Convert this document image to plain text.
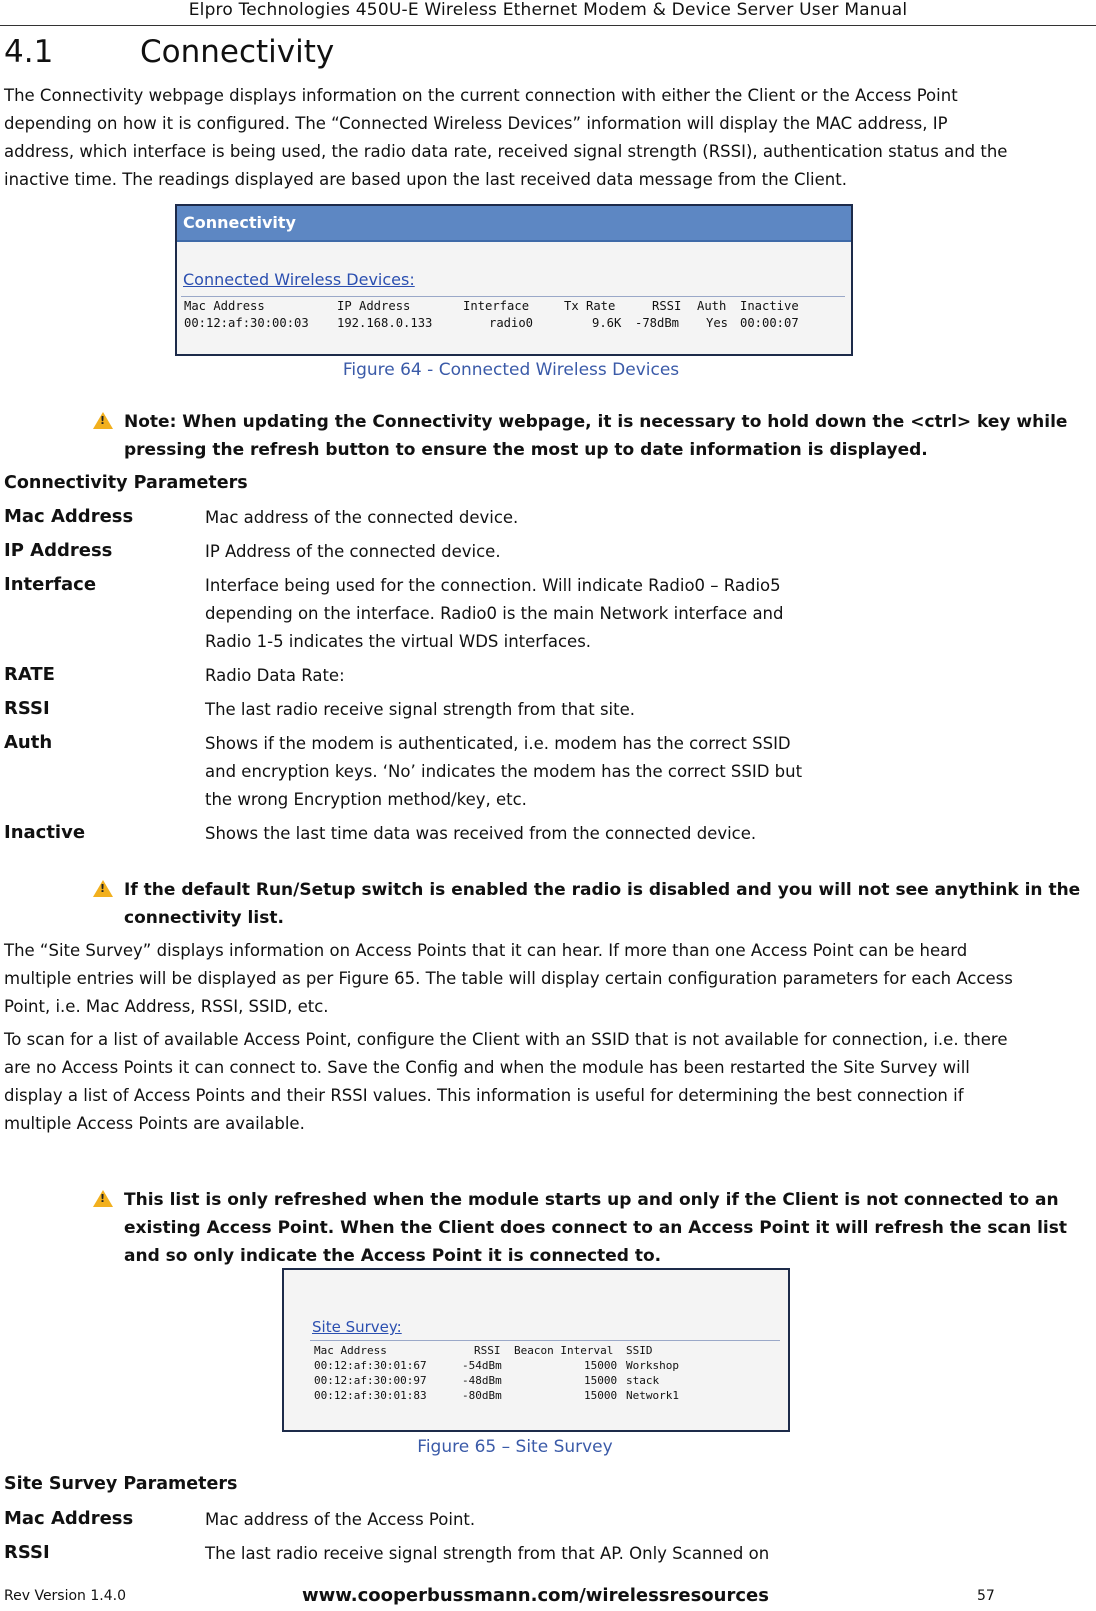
Elpro Technologies 450U-E Wireless Ethernet Modem & Device Server User Manual
4.1	Connectivity
The Connectivity webpage displays information on the current connection with either the Client or the Access Point
depending on how it is configured. The “Connected Wireless Devices” information will display the MAC address, IP
address, which interface is being used, the radio data rate, received signal strength (RSSI), authentication status and the
inactive time. The readings displayed are based upon the last received data message from the Client.
Connectivity
Connected Wireless Devices:
Mac Address	IP Address	Interface	Tx Rate	RSSI Auth Inactive
00:12:af:30:00:03 192.168.0.133	radio0	9.6K -78dBm Yes 00:00:07
Figure 64 - Connected Wireless Devices
! Note: When updating the Connectivity webpage, it is necessary to hold down the <ctrl> key while
pressing the refresh button to ensure the most up to date information is displayed.
Connectivity Parameters
Mac Address	Mac address of the connected device.
IP Address	IP Address of the connected device.
Interface	Interface being used for the connection. Will indicate Radio0 – Radio5
depending on the interface. Radio0 is the main Network interface and
Radio 1-5 indicates the virtual WDS interfaces.
RATE	Radio Data Rate:
RSSI	The last radio receive signal strength from that site.
Auth	Shows if the modem is authenticated, i.e. modem has the correct SSID
and encryption keys. ‘No’ indicates the modem has the correct SSID but
the wrong Encryption method/key, etc.
Inactive	Shows the last time data was received from the connected device.
! If the default Run/Setup switch is enabled the radio is disabled and you will not see anythink in the
connectivity list.
The “Site Survey” displays information on Access Points that it can hear. If more than one Access Point can be heard
multiple entries will be displayed as per Figure 65. The table will display certain configuration parameters for each Access
Point, i.e. Mac Address, RSSI, SSID, etc.
To scan for a list of available Access Point, configure the Client with an SSID that is not available for connection, i.e. there
are no Access Points it can connect to. Save the Config and when the module has been restarted the Site Survey will
display a list of Access Points and their RSSI values. This information is useful for determining the best connection if
multiple Access Points are available.
! This list is only refreshed when the module starts up and only if the Client is not connected to an
existing Access Point. When the Client does connect to an Access Point it will refresh the scan list
and so only indicate the Access Point it is connected to.
Site Survey:
Mac Address	RSSI Beacon Interval SSID
00:12:af:30:01:67	-54dBm	15000 Workshop
00:12:af:30:00:97	-48dBm	15000 stack
00:12:af:30:01:83	-80dBm	15000 Network1
Figure 65 – Site Survey
Site Survey Parameters
Mac Address	Mac address of the Access Point.
RSSI	The last radio receive signal strength from that AP. Only Scanned on
Rev Version 1.4.0	www.cooperbussmann.com/wirelessresources	57
